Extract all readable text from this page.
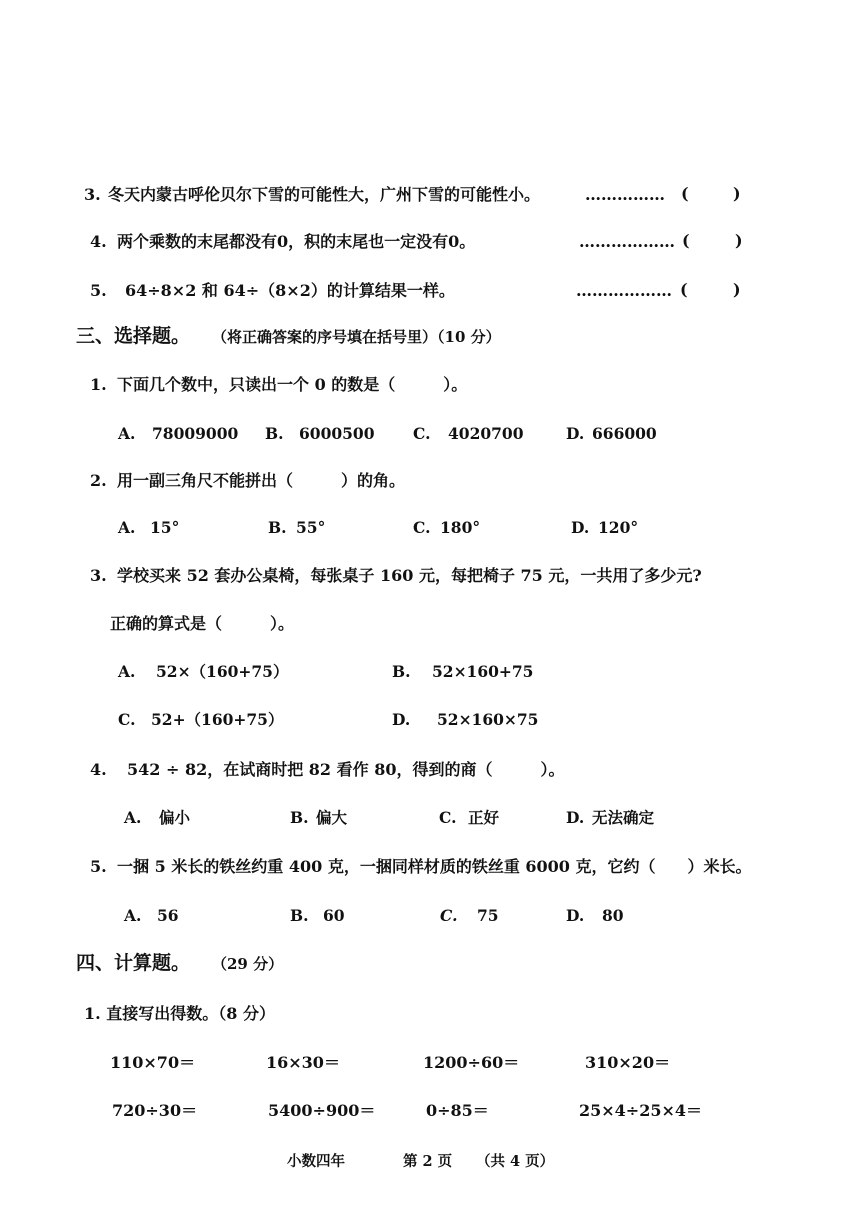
3. 冬天内蒙古呼伦贝尔下雪的可能性大，广州下雪的可能性小。	…………… (	)
4. 两个乘数的末尾都没有0，积的末尾也一定没有0。	……………… (	)
5. 64÷8×2 和 64÷（8×2）的计算结果一样。	……………… (	)
三、选择题。 （将正确答案的序号填在括号里）（10 分）
1. 下面几个数中，只读出一个 0 的数是（　　　）。
A. 78009000 B. 6000500 C. 4020700	D. 666000
2. 用一副三角尺不能拼出（　　　）的角。
A. 15°	B. 55°	C. 180°	D. 120°
3. 学校买来 52 套办公桌椅，每张桌子 160 元，每把椅子 75 元，一共用了多少元?
正确的算式是（　　　）。
A. 52×（160+75）	B. 52×160+75
C. 52+（160+75）	D. 52×160×75
4. 542 ÷ 82，在试商时把 82 看作 80，得到的商（　　　）。
A. 偏小	B. 偏大	C. 正好	D. 无法确定
5. 一捆 5 米长的铁丝约重 400 克，一捆同样材质的铁丝重 6000 克，它约（　　）米长。
A. 56	B. 60	C. 75	D. 80
四、计算题。 （29 分）
1. 直接写出得数。（8 分）
110×70＝	16×30＝	1200÷60＝	310×20＝
720÷30＝	5400÷900＝	0÷85＝	25×4÷25×4＝
小数四年	第 2 页 （共 4 页）
